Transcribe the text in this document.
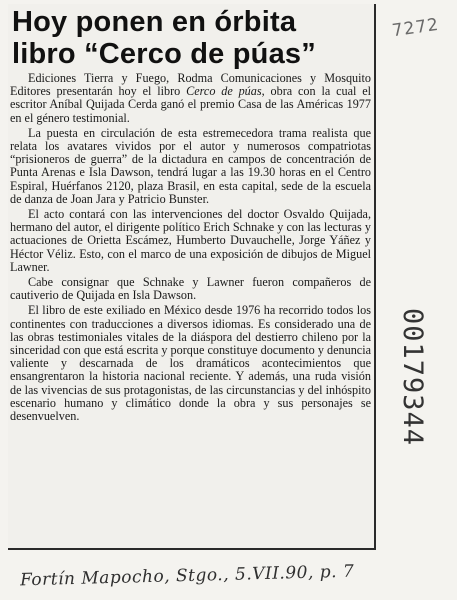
Hoy ponen en órbita
libro “Cerco de púas”

Ediciones Tierra y Fuego, Rodma Comunicaciones y Mosquito Editores presentarán hoy el libro Cerco de púas, obra con la cual el escritor Aníbal Quijada Cerda ganó el premio Casa de las Américas 1977 en el género testimonial.

La puesta en circulación de esta estremecedora trama realista que relata los avatares vividos por el autor y numerosos compatriotas “prisioneros de guerra” de la dictadura en campos de concentración de Punta Arenas e Isla Dawson, tendrá lugar a las 19.30 horas en el Centro Espiral, Huérfanos 2120, plaza Brasil, en esta capital, sede de la escuela de danza de Joan Jara y Patricio Bunster.

El acto contará con las intervenciones del doctor Osvaldo Quijada, hermano del autor, el dirigente político Erich Schnake y con las lecturas y actuaciones de Orietta Escámez, Humberto Duvauchelle, Jorge Yáñez y Héctor Véliz. Esto, con el marco de una exposición de dibujos de Miguel Lawner.

Cabe consignar que Schnake y Lawner fueron compañeros de cautiverio de Quijada en Isla Dawson.

El libro de este exiliado en México desde 1976 ha recorrido todos los continentes con traducciones a diversos idiomas. Es considerado una de las obras testimoniales vitales de la diáspora del destierro chileno por la sinceridad con que está escrita y porque constituye documento y denuncia valiente y descarnada de los dramáticos acontecimientos que ensangrentaron la historia nacional reciente. Y además, una ruda visión de las vivencias de sus protagonistas, de las circunstancias y del inhóspito escenario humano y climático donde la obra y sus personajes se desenvuelven.

7272
00179344
Fortín Mapocho, Stgo., 5.VII.90, p. 7
